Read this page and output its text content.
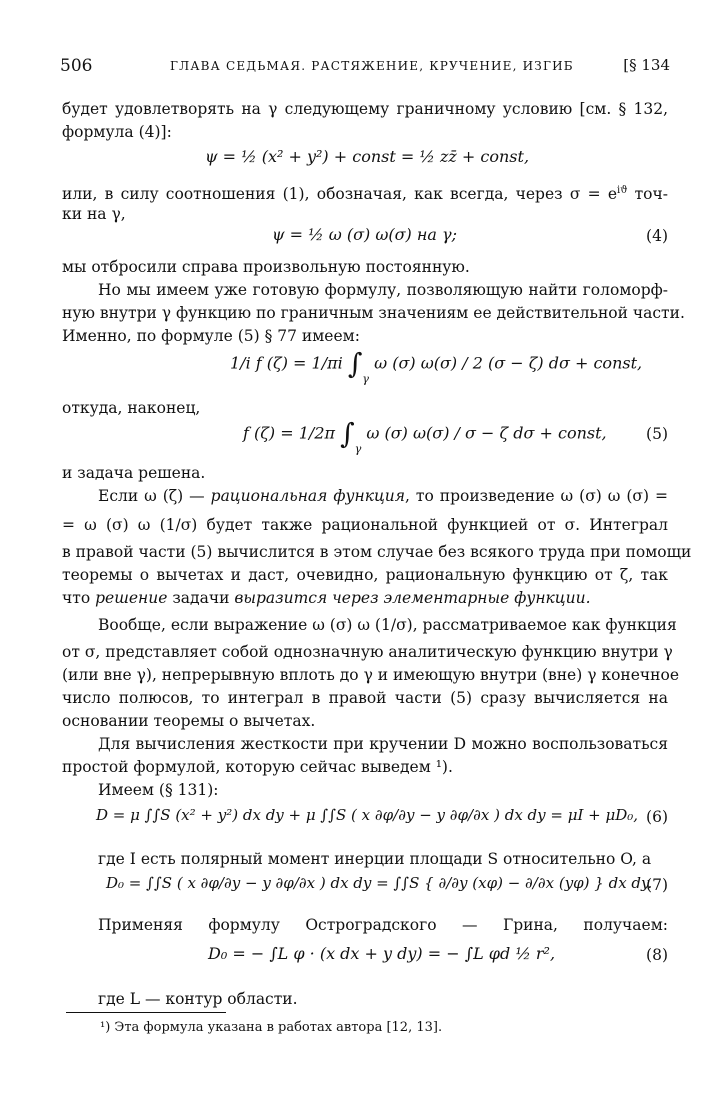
506	ГЛАВА СЕДЬМАЯ. РАСТЯЖЕНИЕ, КРУЧЕНИЕ, ИЗГИБ	[§ 134
будет удовлетворять на γ следующему граничному условию [см. § 132,
формула (4)]:
ψ = ½ (x² + y²) + const = ½ zz̄ + const,
или, в силу соотношения (1), обозначая, как всегда, через $\sigma = e^{iϑ}$ точ-
ки на γ,
ψ = ½ ω (σ) ω(σ) на γ;	(4)
мы отбросили справа произвольную постоянную.
Но мы имеем уже готовую формулу, позволяющую найти голоморф-
ную внутри γ функцию по граничным значениям ее действительной части.
Именно, по формуле (5) § 77 имеем:
1/i f (ζ) = 1/πi $\int_\gamma$ ω (σ) ω(σ) / 2 (σ − ζ) dσ + const,
откуда, наконец,
f (ζ) = 1/2π $\int_\gamma$ ω (σ) ω(σ) / σ − ζ dσ + const,	(5)
и задача решена.
Если ω (ζ) — рациональная функция, то произведение ω (σ) ω (σ) =
= ω (σ) ω (1/σ) будет также рациональной функцией от σ. Интеграл
в правой части (5) вычислится в этом случае без всякого труда при помощи
теоремы о вычетах и даст, очевидно, рациональную функцию от ζ, так
что решение задачи выразится через элементарные функции.
Вообще, если выражение ω (σ) ω (1/σ), рассматриваемое как функция
от σ, представляет собой однозначную аналитическую функцию внутри γ
(или вне γ), непрерывную вплоть до γ и имеющую внутри (вне) γ конечное
число полюсов, то интеграл в правой части (5) сразу вычисляется на
основании теоремы о вычетах.
Для вычисления жесткости при кручении D можно воспользоваться
простой формулой, которую сейчас выведем ¹).
Имеем (§ 131):
D = μ ∫∫S (x² + y²) dx dy + μ ∫∫S ( x ∂φ/∂y − y ∂φ/∂x ) dx dy = μI + μD₀, (6)
где I есть полярный момент инерции площади S относительно O, а
D₀ = ∫∫S ( x ∂φ/∂y − y ∂φ/∂x ) dx dy = ∫∫S { ∂/∂y (xφ) − ∂/∂x (yφ) } dx dy.
(7)
Применяя формулу Остроградского — Грина, получаем:
D₀ = − ∫L φ · (x dx + y dy) = − ∫L φd ½ r²,	(8)
где L — контур области.
¹) Эта формула указана в работах автора [12, 13].
